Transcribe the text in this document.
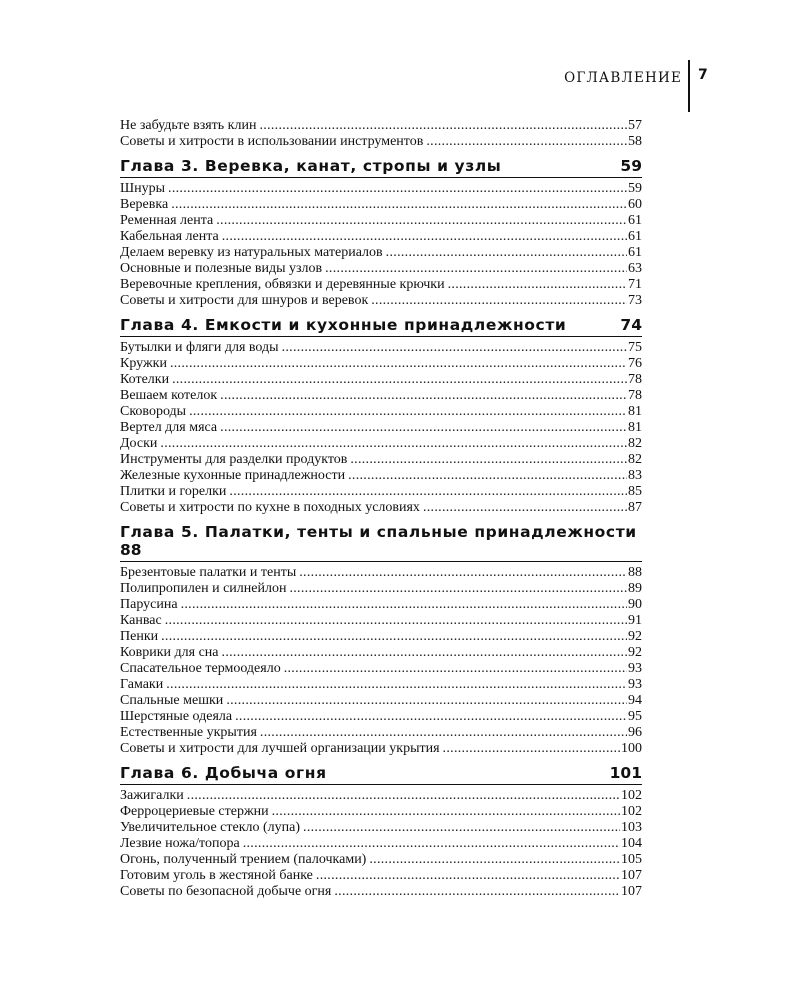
ОГЛАВЛЕНИЕ 7
Не забудьте взять клин . . .	57
Советы и хитрости в использовании инструментов . . .	58
Глава 3. Веревка, канат, стропы и узлы	59
Шнуры . . .	59
Веревка . . .	60
Ременная лента . . .	61
Кабельная лента . . .	61
Делаем веревку из натуральных материалов . . .	61
Основные и полезные виды узлов . . .	63
Веревочные крепления, обвязки и деревянные крючки . . .	71
Советы и хитрости для шнуров и веревок . . .	73
Глава 4. Емкости и кухонные принадлежности	74
Бутылки и фляги для воды . . .	75
Кружки . . .	76
Котелки . . .	78
Вешаем котелок . . .	78
Сковороды . . .	81
Вертел для мяса . . .	81
Доски . . .	82
Инструменты для разделки продуктов . . .	82
Железные кухонные принадлежности . . .	83
Плитки и горелки . . .	85
Советы и хитрости по кухне в походных условиях . . .	87
Глава 5. Палатки, тенты и спальные принадлежности
88
Брезентовые палатки и тенты . . .	88
Полипропилен и силнейлон . . .	89
Парусина . . .	90
Канвас . . .	91
Пенки . . .	92
Коврики для сна . . .	92
Спасательное термоодеяло . . .	93
Гамаки . . .	93
Спальные мешки . . .	94
Шерстяные одеяла . . .	95
Естественные укрытия . . .	96
Советы и хитрости для лучшей организации укрытия . . .	100
Глава 6. Добыча огня	101
Зажигалки . . .	102
Ферроцериевые стержни . . .	102
Увеличительное стекло (лупа) . . .	103
Лезвие ножа/топора . . .	104
Огонь, полученный трением (палочками) . . .	105
Готовим уголь в жестяной банке . . .	107
Советы по безопасной добыче огня . . .	107
